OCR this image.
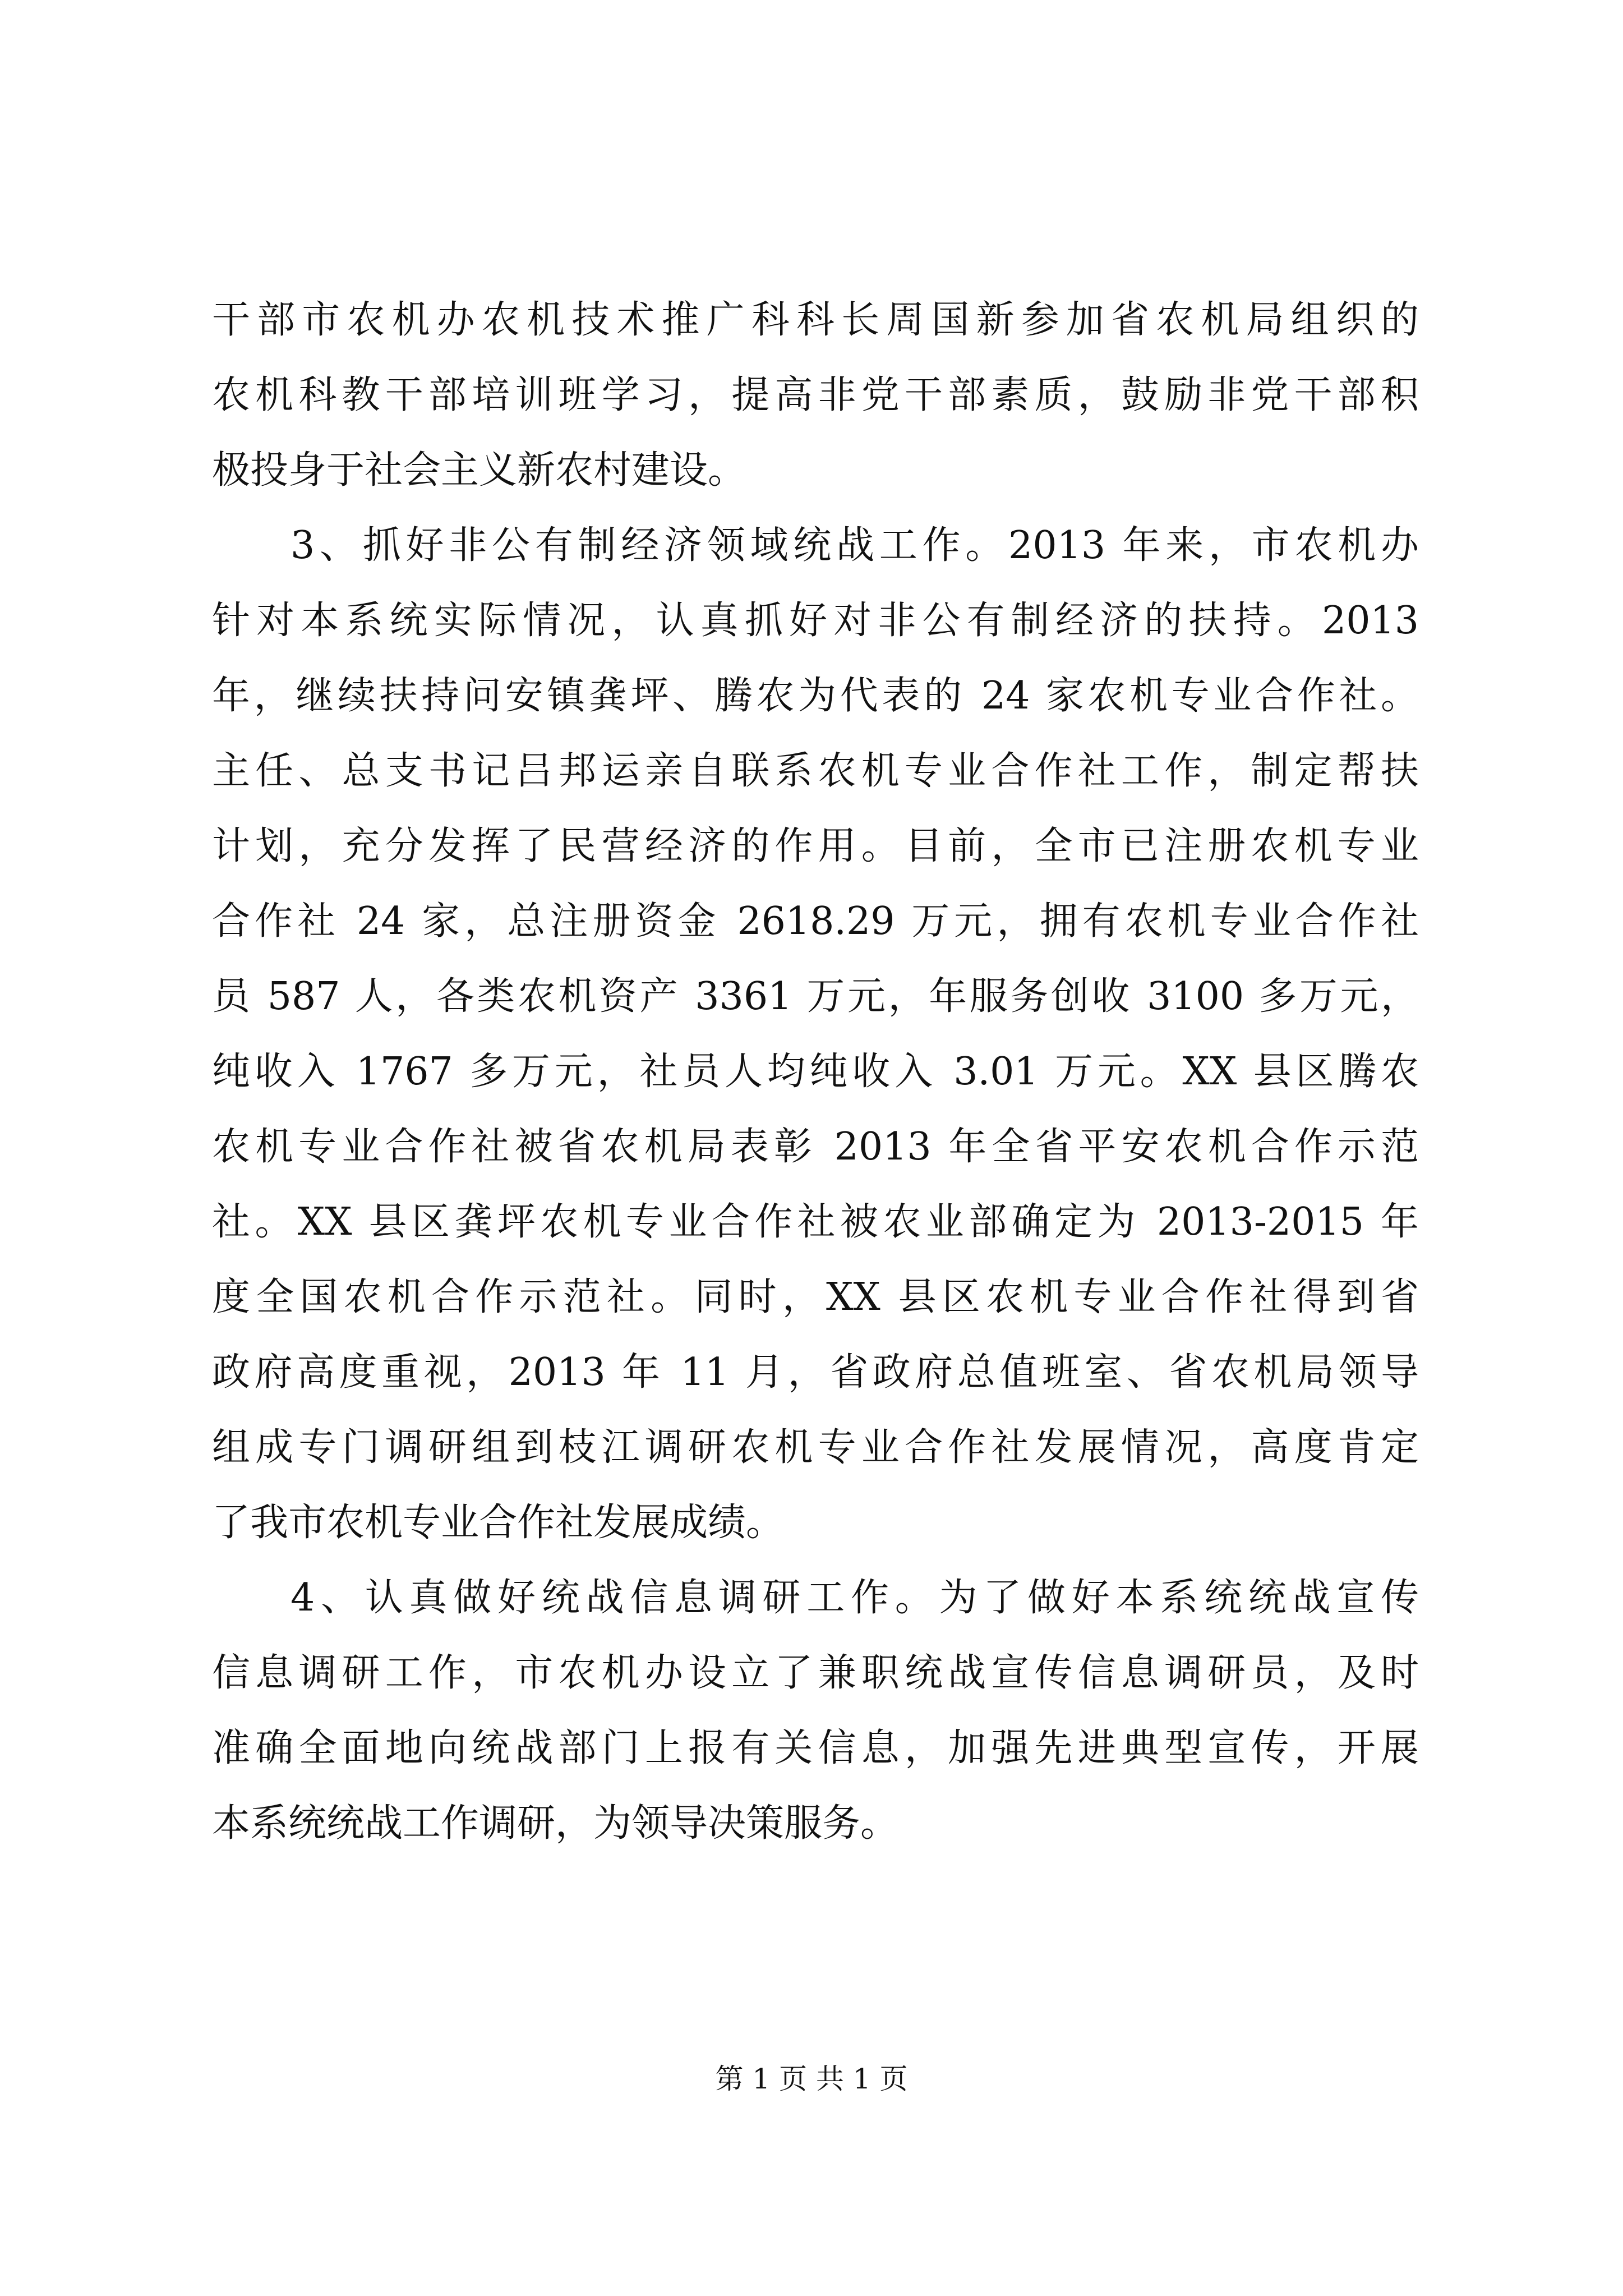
干部市农机办农机技术推广科科长周国新参加省农机局组织的
农机科教干部培训班学习，提高非党干部素质，鼓励非党干部积
极投身于社会主义新农村建设。
3、抓好非公有制经济领域统战工作。2013 年来，市农机办
针对本系统实际情况，认真抓好对非公有制经济的扶持。2013
年，继续扶持问安镇龚坪、腾农为代表的 24 家农机专业合作社。
主任、总支书记吕邦运亲自联系农机专业合作社工作，制定帮扶
计划，充分发挥了民营经济的作用。目前，全市已注册农机专业
合作社 24 家，总注册资金 2618.29 万元，拥有农机专业合作社
员 587 人，各类农机资产 3361 万元，年服务创收 3100 多万元，
纯收入 1767 多万元，社员人均纯收入 3.01 万元。XX 县区腾农
农机专业合作社被省农机局表彰 2013 年全省平安农机合作示范
社。XX 县区龚坪农机专业合作社被农业部确定为 2013-2015 年
度全国农机合作示范社。同时，XX 县区农机专业合作社得到省
政府高度重视，2013 年 11 月，省政府总值班室、省农机局领导
组成专门调研组到枝江调研农机专业合作社发展情况，高度肯定
了我市农机专业合作社发展成绩。
4、认真做好统战信息调研工作。为了做好本系统统战宣传
信息调研工作，市农机办设立了兼职统战宣传信息调研员，及时
准确全面地向统战部门上报有关信息，加强先进典型宣传，开展
本系统统战工作调研，为领导决策服务。
第 1 页 共 1 页
